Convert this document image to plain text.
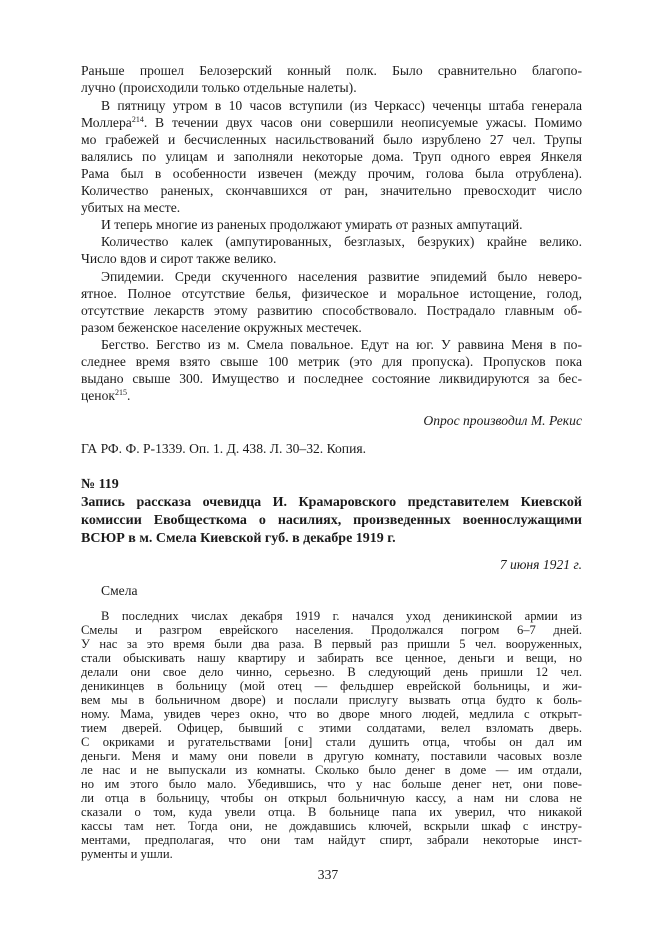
Раньше прошел Белозерский конный полк. Было сравнительно благопо-
лучно (происходили только отдельные налеты).
В пятницу утром в 10 часов вступили (из Черкасс) чеченцы штаба генерала
Моллера$^{214}$. В течении двух часов они совершили неописуемые ужасы. Помимо
мо грабежей и бесчисленных насильствований было изрублено 27 чел. Трупы
валялись по улицам и заполняли некоторые дома. Труп одного еврея Янкеля
Рама был в особенности извечен (между прочим, голова была отрублена).
Количество раненых, скончавшихся от ран, значительно превосходит число
убитых на месте.
И теперь многие из раненых продолжают умирать от разных ампутаций.
Количество калек (ампутированных, безглазых, безруких) крайне велико.
Число вдов и сирот также велико.
Эпидемии. Среди скученного населения развитие эпидемий было неверо-
ятное. Полное отсутствие белья, физическое и моральное истощение, голод,
отсутствие лекарств этому развитию способствовало. Пострадало главным об-
разом беженское население окружных местечек.
Бегство. Бегство из м. Смела повальное. Едут на юг. У раввина Меня в по-
следнее время взято свыше 100 метрик (это для пропуска). Пропусков пока
выдано свыше 300. Имущество и последнее состояние ликвидируются за бес-
ценок$^{215}$.
Опрос производил М. Рекис
ГА РФ. Ф. Р-1339. Оп. 1. Д. 438. Л. 30–32. Копия.
№ 119
Запись рассказа очевидца И. Крамаровского представителем Киевской
комиссии Евобщесткома о насилиях, произведенных военнослужащими
ВСЮР в м. Смела Киевской губ. в декабре 1919 г.
7 июня 1921 г.
Смела
В последних числах декабря 1919 г. начался уход деникинской армии из
Смелы и разгром еврейского населения. Продолжался погром 6–7 дней.
У нас за это время были два раза. В первый раз пришли 5 чел. вооруженных,
стали обыскивать нашу квартиру и забирать все ценное, деньги и вещи, но
делали они свое дело чинно, серьезно. В следующий день пришли 12 чел.
деникинцев в больницу (мой отец — фельдшер еврейской больницы, и жи-
вем мы в больничном дворе) и послали прислугу вызвать отца будто к боль-
ному. Мама, увидев через окно, что во дворе много людей, медлила с открыт-
тием дверей. Офицер, бывший с этими солдатами, велел взломать дверь.
С окриками и ругательствами [они] стали душить отца, чтобы он дал им
деньги. Меня и маму они повели в другую комнату, поставили часовых возле
ле нас и не выпускали из комнаты. Сколько было денег в доме — им отдали,
но им этого было мало. Убедившись, что у нас больше денег нет, они пове-
ли отца в больницу, чтобы он открыл больничную кассу, а нам ни слова не
сказали о том, куда увели отца. В больнице папа их уверил, что никакой
кассы там нет. Тогда они, не дождавшись ключей, вскрыли шкаф с инстру-
ментами, предполагая, что они там найдут спирт, забрали некоторые инст-
рументы и ушли.
337
